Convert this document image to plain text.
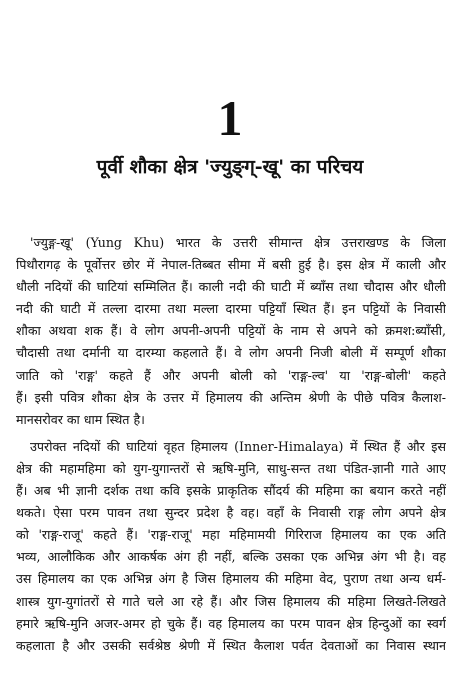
1
पूर्वी शौका क्षेत्र 'ज्युङ्ग्-खू' का परिचय

'ज्युङ्ग-खू' (Yung Khu) भारत के उत्तरी सीमान्त क्षेत्र उत्तराखण्ड के जिला
पिथौरागढ़ के पूर्वोत्तर छोर में नेपाल-तिब्बत सीमा में बसी हुई है। इस क्षेत्र में काली और
धौली नदियों की घाटियां सम्मिलित हैं। काली नदी की घाटी में ब्याँस तथा चौदास और धौली
नदी की घाटी में तल्ला दारमा तथा मल्ला दारमा पट्टियाँ स्थित हैं। इन पट्टियों के निवासी
शौका अथवा शक हैं। वे लोग अपनी-अपनी पट्टियों के नाम से अपने को क्रमश:ब्याँसी,
चौदासी तथा दर्मानी या दारम्या कहलाते हैं। वे लोग अपनी निजी बोली में सम्पूर्ण शौका
जाति को 'राङ्ग' कहते हैं और अपनी बोली को 'राङ्ग-ल्व' या 'राङ्ग-बोली' कहते
हैं। इसी पवित्र शौका क्षेत्र के उत्तर में हिमालय की अन्तिम श्रेणी के पीछे पवित्र कैलाश-
मानसरोवर का धाम स्थित है।

उपरोक्त नदियों की घाटियां वृहत हिमालय (Inner-Himalaya) में स्थित हैं और इस
क्षेत्र की महामहिमा को युग-युगान्तरों से ऋषि-मुनि, साधु-सन्त तथा पंडित-ज्ञानी गाते आए
हैं। अब भी ज्ञानी दर्शक तथा कवि इसके प्राकृतिक सौंदर्य की महिमा का बयान करते नहीं
थकते। ऐसा परम पावन तथा सुन्दर प्रदेश है वह। वहाँ के निवासी राङ्ग लोग अपने क्षेत्र
को 'राङ्ग-राजू' कहते हैं। 'राङ्ग-राजू' महा महिमामयी गिरिराज हिमालय का एक अति
भव्य, आलौकिक और आकर्षक अंग ही नहीं, बल्कि उसका एक अभिन्न अंग भी है। वह
उस हिमालय का एक अभिन्न अंग है जिस हिमालय की महिमा वेद, पुराण तथा अन्य धर्म-
शास्त्र युग-युगांतरों से गाते चले आ रहे हैं। और जिस हिमालय की महिमा लिखते-लिखते
हमारे ऋषि-मुनि अजर-अमर हो चुके हैं। वह हिमालय का परम पावन क्षेत्र हिन्दुओं का स्वर्ग
कहलाता है और उसकी सर्वश्रेष्ठ श्रेणी में स्थित कैलाश पर्वत देवताओं का निवास स्थान
